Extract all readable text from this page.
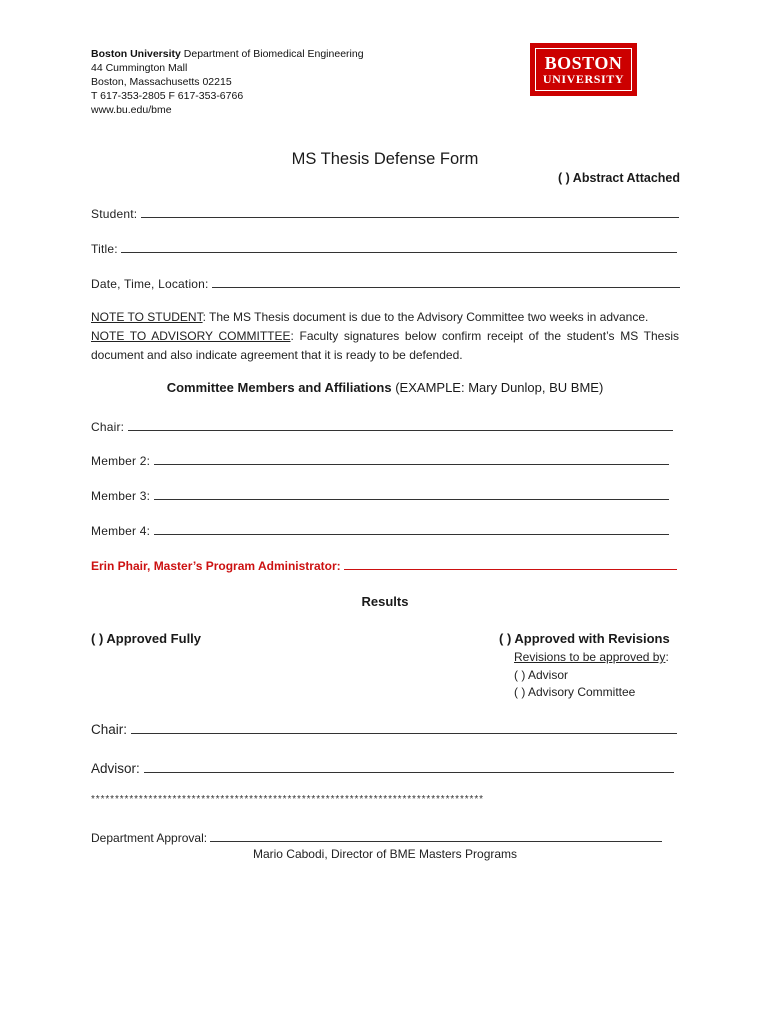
Boston University Department of Biomedical Engineering
44 Cummington Mall
Boston, Massachusetts 02215
T 617-353-2805 F 617-353-6766
www.bu.edu/bme
BOSTON
UNIVERSITY
MS Thesis Defense Form
( ) Abstract Attached
Student:
Title:
Date, Time, Location:
NOTE TO STUDENT: The MS Thesis document is due to the Advisory Committee two weeks in advance.
NOTE TO ADVISORY COMMITTEE: Faculty signatures below confirm receipt of the student’s MS Thesis document and also indicate agreement that it is ready to be defended.
Committee Members and Affiliations (EXAMPLE: Mary Dunlop, BU BME)
Chair:
Member 2:
Member 3:
Member 4:
Erin Phair, Master’s Program Administrator:
Results
( ) Approved Fully	( ) Approved with Revisions
Revisions to be approved by:
( ) Advisor
( ) Advisory Committee
Chair:
Advisor:
**********************************************************************************
Department Approval:
Mario Cabodi, Director of BME Masters Programs
